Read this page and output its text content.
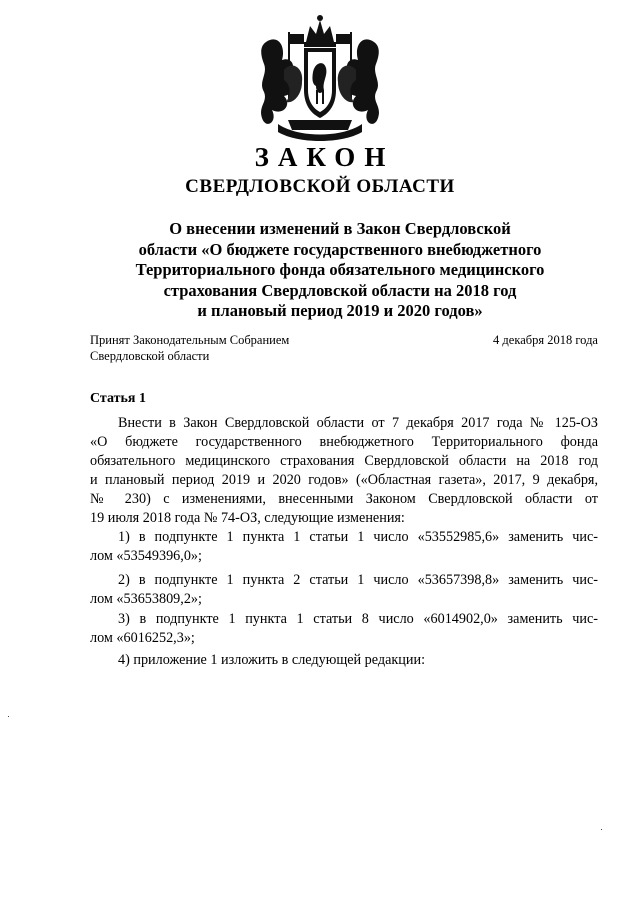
ЗАКОН
СВЕРДЛОВСКОЙ ОБЛАСТИ
О внесении изменений в Закон Свердловской
области «О бюджете государственного внебюджетного
Территориального фонда обязательного медицинского
страхования Свердловской области на 2018 год
и плановый период 2019 и 2020 годов»
Принят Законодательным Собранием
Свердловской области
4 декабря 2018 года
Статья 1
Внести в Закон Свердловской области от 7 декабря 2017 года № 125-ОЗ
«О бюджете государственного внебюджетного Территориального фонда
обязательного медицинского страхования Свердловской области на 2018 год
и плановый период 2019 и 2020 годов» («Областная газета», 2017, 9 декабря,
№ 230) с изменениями, внесенными Законом Свердловской области от
19 июля 2018 года № 74-ОЗ, следующие изменения:
1) в подпункте 1 пункта 1 статьи 1 число «53552985,6» заменить чис-
лом «53549396,0»;
2) в подпункте 1 пункта 2 статьи 1 число «53657398,8» заменить чис-
лом «53653809,2»;
3) в подпункте 1 пункта 1 статьи 8 число «6014902,0» заменить чис-
лом «6016252,3»;
4) приложение 1 изложить в следующей редакции:
